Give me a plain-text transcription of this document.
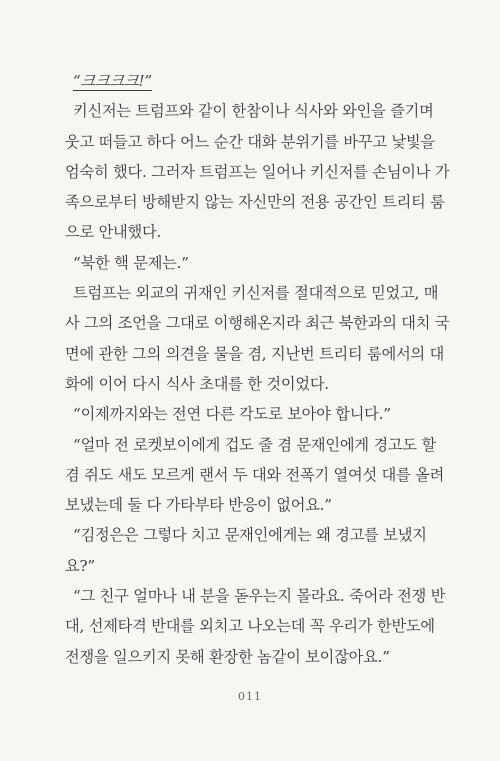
“크크크크!”
키신저는 트럼프와 같이 한참이나 식사와 와인을 즐기며
웃고 떠들고 하다 어느 순간 대화 분위기를 바꾸고 낯빛을
엄숙히 했다. 그러자 트럼프는 일어나 키신저를 손님이나 가
족으로부터 방해받지 않는 자신만의 전용 공간인 트리티 룸
으로 안내했다.
“북한 핵 문제는.”
트럼프는 외교의 귀재인 키신저를 절대적으로 믿었고, 매
사 그의 조언을 그대로 이행해온지라 최근 북한과의 대치 국
면에 관한 그의 의견을 물을 겸, 지난번 트리티 룸에서의 대
화에 이어 다시 식사 초대를 한 것이었다.
“이제까지와는 전연 다른 각도로 보아야 합니다.”
“얼마 전 로켓보이에게 겁도 줄 겸 문재인에게 경고도 할
겸 쥐도 새도 모르게 랜서 두 대와 전폭기 열여섯 대를 올려
보냈는데 둘 다 가타부타 반응이 없어요.”
“김정은은 그렇다 치고 문재인에게는 왜 경고를 보냈지
요?”
“그 친구 얼마나 내 분을 돋우는지 몰라요. 죽어라 전쟁 반
대, 선제타격 반대를 외치고 나오는데 꼭 우리가 한반도에
전쟁을 일으키지 못해 환장한 놈같이 보이잖아요.”
011
